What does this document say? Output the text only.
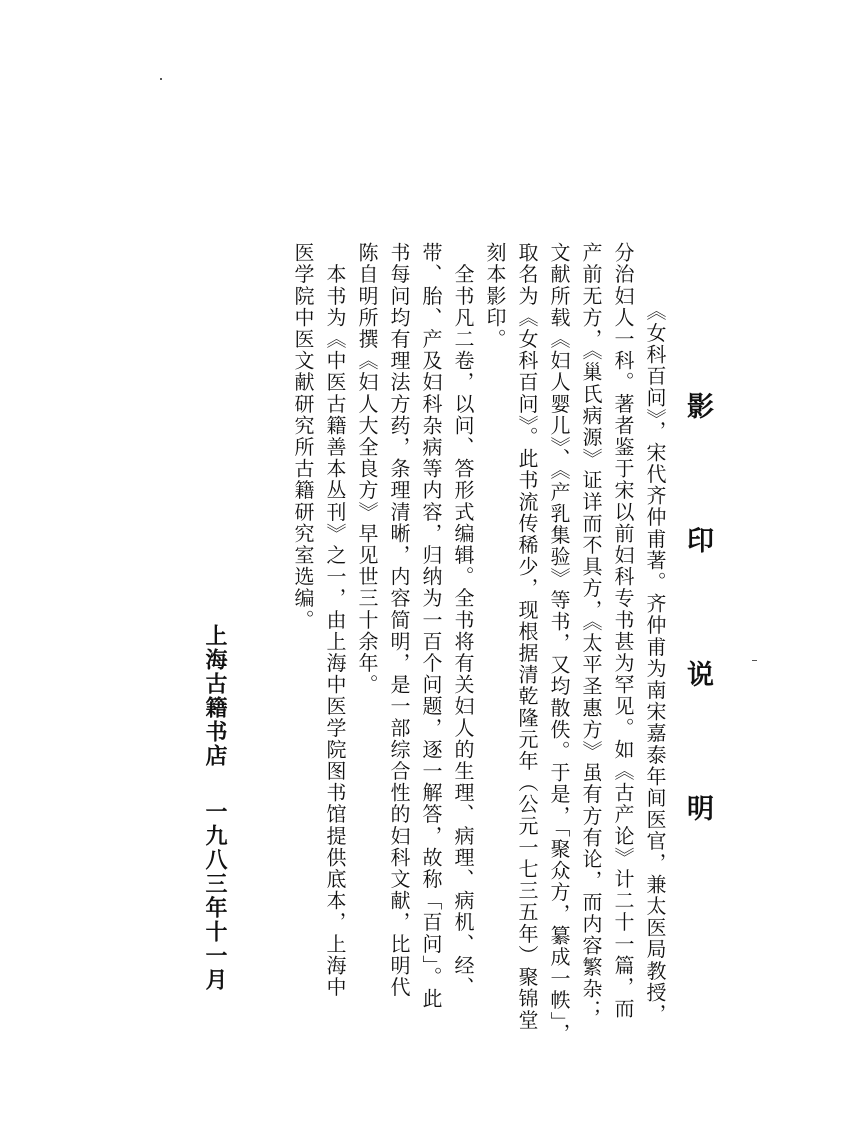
影 印 说 明
　《女科百问》，宋代齐仲甫著。齐仲甫为南宋嘉泰年间医官，兼太医局教授，
分治妇人一科。著者鉴于宋以前妇科专书甚为罕见。如《古产论》计二十一篇，而
产前无方，《巢氏病源》证详而不具方，《太平圣惠方》虽有方有论，而内容繁杂；
文献所载《妇人婴儿》、《产乳集验》等书，又均散佚。于是，「聚众方，纂成一帙」，
取名为《女科百问》。此书流传稀少，现根据清乾隆元年（公元一七三五年）聚锦堂
刻本影印。
　全书凡二卷，以问、答形式编辑。全书将有关妇人的生理、病理、病机、经、
带、胎、产及妇科杂病等内容，归纳为一百个问题，逐一解答，故称「百问」。此
书每问均有理法方药，条理清晰，内容简明，是一部综合性的妇科文献，比明代
陈自明所撰《妇人大全良方》早见世三十余年。
　本书为《中医古籍善本丛刊》之一，由上海中医学院图书馆提供底本，上海中
医学院中医文献研究所古籍研究室选编。
上海古籍书店
一九八三年十一月
